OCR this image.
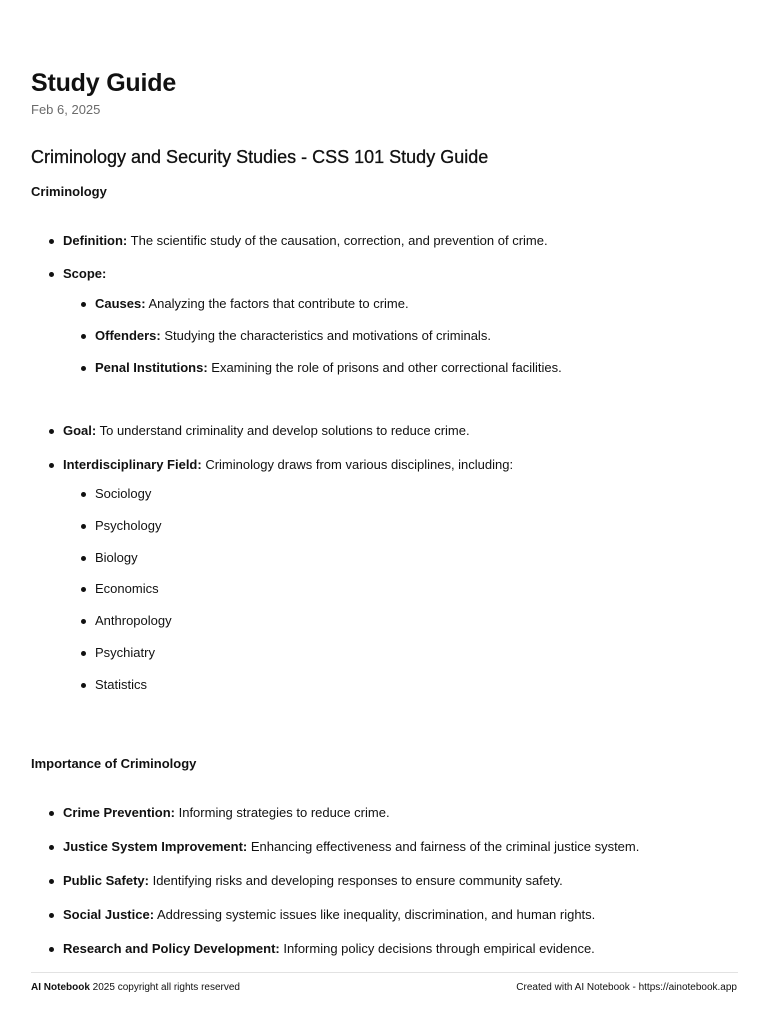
Study Guide
Feb 6, 2025
Criminology and Security Studies - CSS 101 Study Guide
Criminology
Definition: The scientific study of the causation, correction, and prevention of crime.
Scope:
Causes: Analyzing the factors that contribute to crime.
Offenders: Studying the characteristics and motivations of criminals.
Penal Institutions: Examining the role of prisons and other correctional facilities.
Goal: To understand criminality and develop solutions to reduce crime.
Interdisciplinary Field: Criminology draws from various disciplines, including:
Sociology
Psychology
Biology
Economics
Anthropology
Psychiatry
Statistics
Importance of Criminology
Crime Prevention: Informing strategies to reduce crime.
Justice System Improvement: Enhancing effectiveness and fairness of the criminal justice system.
Public Safety: Identifying risks and developing responses to ensure community safety.
Social Justice: Addressing systemic issues like inequality, discrimination, and human rights.
Research and Policy Development: Informing policy decisions through empirical evidence.
AI Notebook 2025 copyright all rights reserved	Created with AI Notebook - https://ainotebook.app
